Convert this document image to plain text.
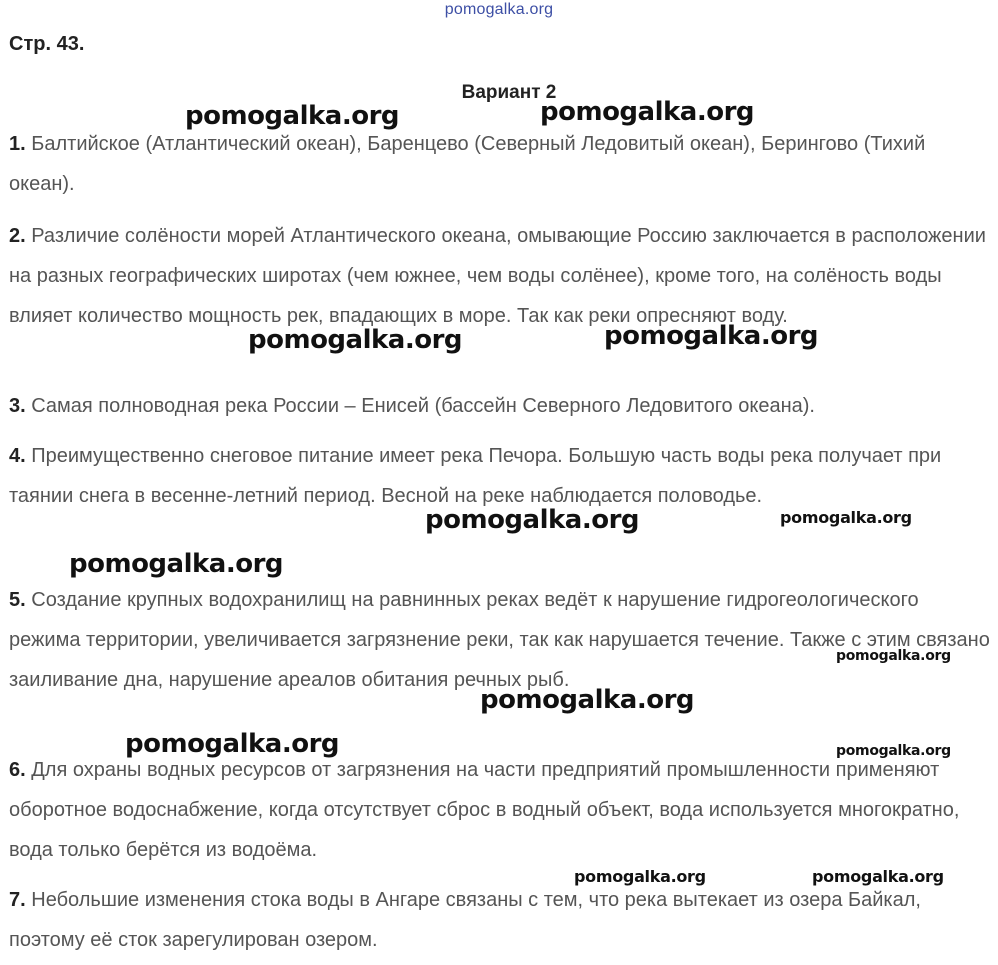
pomogalka.org
Стр. 43.
Вариант 2
1. Балтийское (Атлантический океан), Баренцево (Северный Ледовитый океан), Берингово (Тихий океан).
2. Различие солёности морей Атлантического океана, омывающие Россию заключается в расположении на разных географических широтах (чем южнее, чем воды солёнее), кроме того, на солёность воды влияет количество мощность рек, впадающих в море. Так как реки опресняют воду.
3. Самая полноводная река России – Енисей (бассейн Северного Ледовитого океана).
4. Преимущественно снеговое питание имеет река Печора. Большую часть воды река получает при таянии снега в весенне-летний период. Весной на реке наблюдается половодье.
5. Создание крупных водохранилищ на равнинных реках ведёт к нарушение гидрогеологического режима территории, увеличивается загрязнение реки, так как нарушается течение. Также с этим связано заиливание дна, нарушение ареалов обитания речных рыб.
6. Для охраны водных ресурсов от загрязнения на части предприятий промышленности применяют оборотное водоснабжение, когда отсутствует сброс в водный объект, вода используется многократно, вода только берётся из водоёма.
7. Небольшие изменения стока воды в Ангаре связаны с тем, что река вытекает из озера Байкал, поэтому её сток зарегулирован озером.
pomogalka.org	pomogalka.org
pomogalka.org	pomogalka.org
pomogalka.org	pomogalka.org
pomogalka.org
pomogalka.org
pomogalka.org
pomogalka.org	pomogalka.org
pomogalka.org	pomogalka.org
